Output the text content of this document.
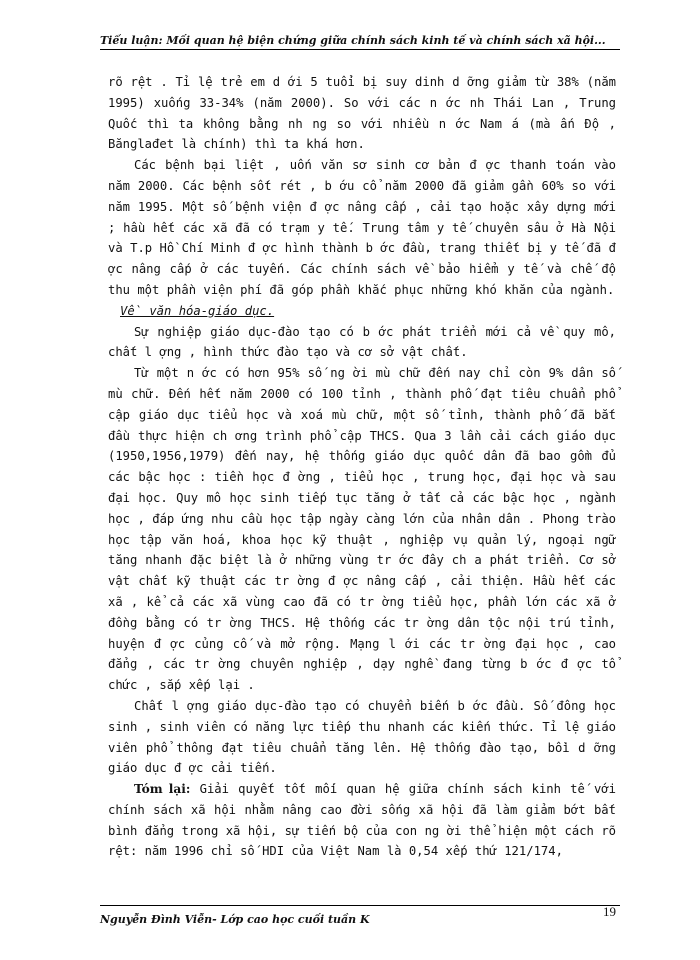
Tiểu luận: Mối quan hệ biện chứng giữa chính sách kinh tế và chính sách xã hội...

rõ rệt . Tỉ lệ trẻ em d ới 5 tuổi bị suy dinh d ỡng giảm từ 38% (năm 1995) xuống 33-34% (năm 2000). So với các n ớc nh Thái Lan , Trung Quốc thì ta không bằng nh ng so với nhiều n ớc Nam á (mà ấn Độ , Bănglađet là chính) thì ta khá hơn.

Các bệnh bại liệt , uốn văn sơ sinh cơ bản đ ợc thanh toán vào năm 2000. Các bệnh sốt rét , b ớu cổ năm 2000 đã giảm gần 60% so với năm 1995. Một số bệnh viện đ ợc nâng cấp , cải tạo hoặc xây dựng mới ; hầu hết các xã đã có trạm y tế. Trung tâm y tế chuyên sâu ở Hà Nội và T.p Hồ Chí Minh đ ợc hình thành b ớc đầu, trang thiết bị y tế đã đ ợc nâng cấp ở các tuyến. Các chính sách về bảo hiểm y tế và chế độ thu một phần viện phí đã góp phần khắc phục những khó khăn của ngành.

Về văn hóa-giáo dục.

Sự nghiệp giáo dục-đào tạo có b ớc phát triển mới cả về quy mô, chất l ợng , hình thức đào tạo và cơ sở vật chất.

Từ một n ớc có hơn 95% số ng ời mù chữ đến nay chỉ còn 9% dân số mù chữ. Đến hết năm 2000 có 100 tỉnh , thành phố đạt tiêu chuẩn phổ cập giáo dục tiểu học và xoá mù chữ, một số tỉnh, thành phố đã bắt đầu thực hiện ch ơng trình phổ cập THCS. Qua 3 lần cải cách giáo dục (1950,1956,1979) đến nay, hệ thống giáo dục quốc dân đã bao gồm đủ các bậc học : tiền học đ ờng , tiểu học , trung học, đại học và sau đại học. Quy mô học sinh tiếp tục tăng ở tất cả các bậc học , ngành học , đáp ứng nhu cầu học tập ngày càng lớn của nhân dân . Phong trào học tập văn hoá, khoa học kỹ thuật , nghiệp vụ quản lý, ngoại ngữ tăng nhanh đặc biệt là ở những vùng tr ớc đây ch a phát triển. Cơ sở vật chất kỹ thuật các tr ờng đ ợc nâng cấp , cải thiện. Hầu hết các xã , kể cả các xã vùng cao đã có tr ờng tiểu học, phần lớn các xã ở đồng bằng có tr ờng THCS. Hệ thống các tr ờng dân tộc nội trú tỉnh, huyện đ ợc củng cố và mở rộng. Mạng l ới các tr ờng đại học , cao đẳng , các tr ờng chuyên nghiệp , dạy nghề đang từng b ớc đ ợc tổ chức , sắp xếp lại .

Chất l ợng giáo dục-đào tạo có chuyển biến b ớc đầu. Số đông học sinh , sinh viên có năng lực tiếp thu nhanh các kiến thức. Tỉ lệ giáo viên phổ thông đạt tiêu chuẩn tăng lên. Hệ thống đào tạo, bồi d ỡng giáo dục đ ợc cải tiến.

Tóm lại: Giải quyết tốt mối quan hệ giữa chính sách kinh tế với chính sách xã hội nhằm nâng cao đời sống xã hội đã làm giảm bớt bất bình đẳng trong xã hội, sự tiến bộ của con ng ời thể hiện một cách rõ rệt: năm 1996 chỉ số HDI của Việt Nam là 0,54 xếp thứ 121/174,

Nguyễn Đình Viễn- Lớp cao học cuối tuần K
19
